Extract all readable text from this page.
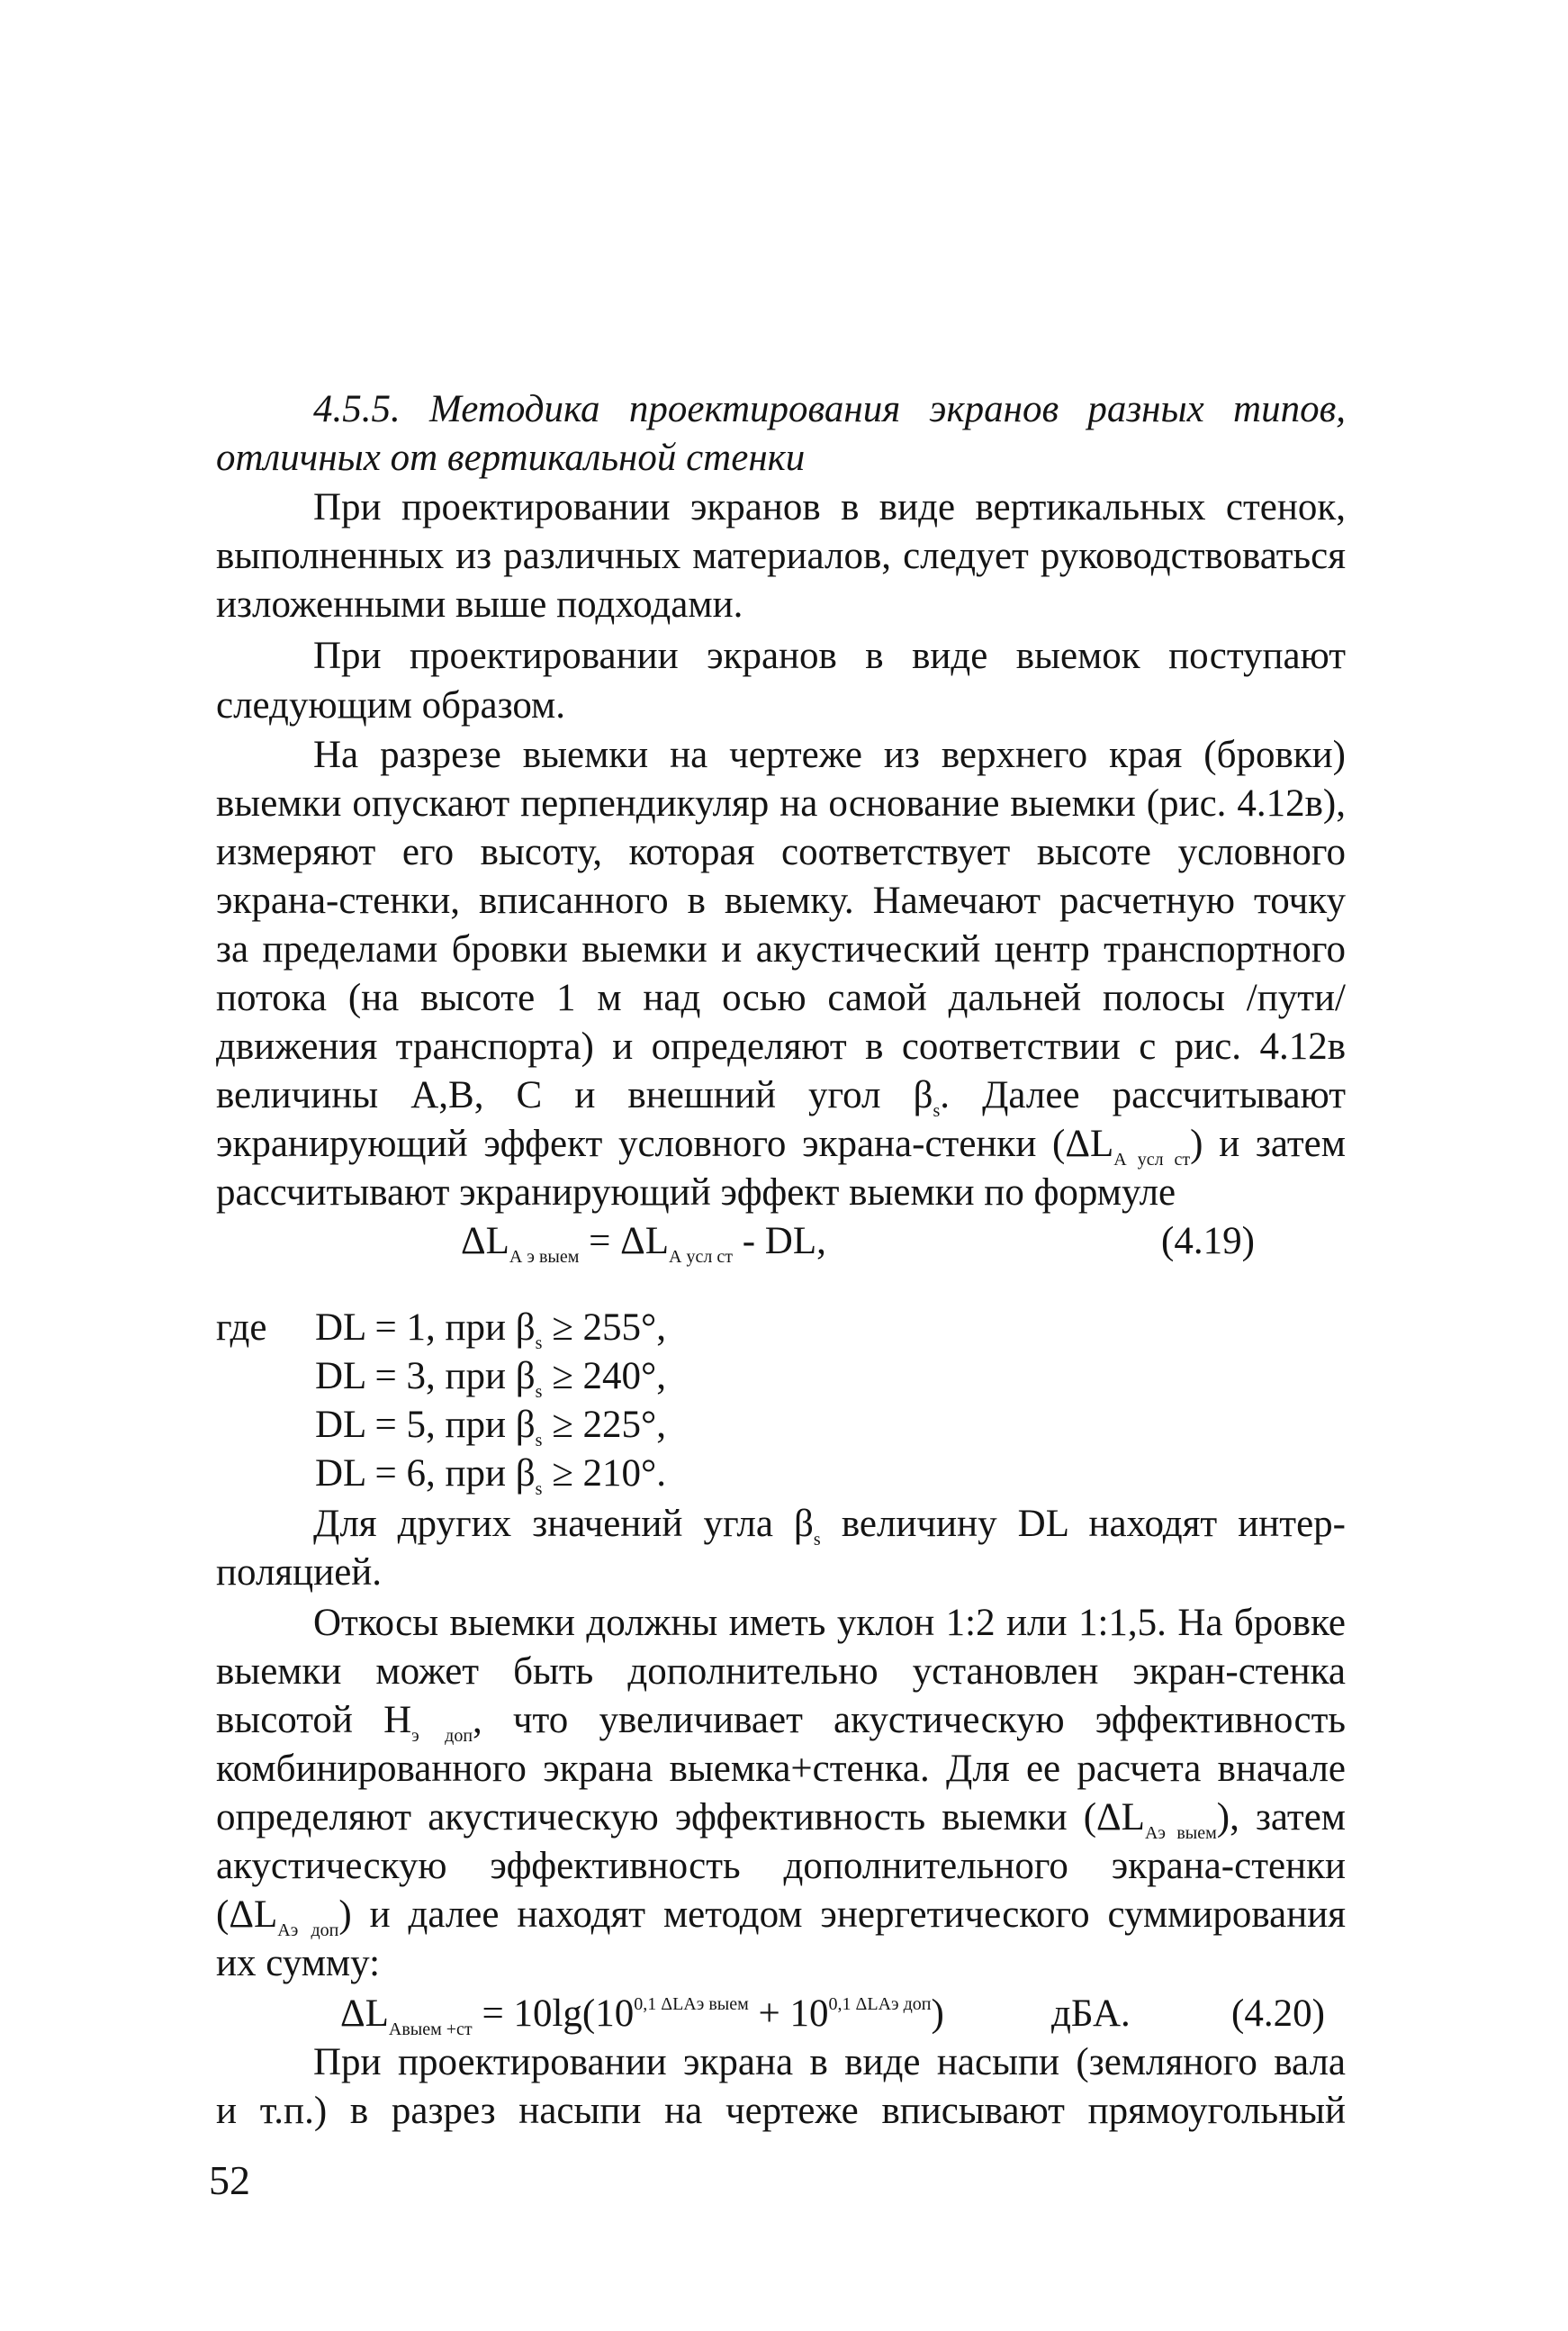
4.5.5. Методика проектирования экранов разных типов,
отличных от вертикальной стенки
При проектировании экранов в виде вертикальных стенок,
выполненных из различных материалов, следует руководствоваться
изложенными выше подходами.
При проектировании экранов в виде выемок поступают
следующим образом.
На разрезе выемки на чертеже из верхнего края (бровки)
выемки опускают перпендикуляр на основание выемки (рис. 4.12в),
измеряют его высоту, которая соответствует высоте условного
экрана-стенки, вписанного в выемку. Намечают расчетную точку
за пределами бровки выемки и акустический центр транспортного
потока (на высоте 1 м над осью самой дальней полосы /пути/
движения транспорта) и определяют в соответствии с рис. 4.12в
величины А,В, С и внешний угол $\beta_s$. Далее рассчитывают
экранирующий эффект условного экрана-стенки $(\Delta L_{А усл ст})$ и затем
рассчитывают экранирующий эффект выемки по формуле
$\Delta L_{А э выем} = \Delta L_{А усл ст}$ - DL,	(4.19)
где DL = 1, при $\beta_s \ge 255^\circ$,
DL = 3, при $\beta_s \ge 240^\circ$,
DL = 5, при $\beta_s \ge 225^\circ$,
DL = 6, при $\beta_s \ge 210^\circ$.
Для других значений угла $\beta_s$ величину DL находят интер-
поляцией.
Откосы выемки должны иметь уклон 1:2 или 1:1,5. На бровке
выемки может быть дополнительно установлен экран-стенка
высотой $H_{э доп}$, что увеличивает акустическую эффективность
комбинированного экрана выемка+стенка. Для ее расчета вначале
определяют акустическую эффективность выемки $(\Delta L_{Аэ выем})$, затем
акустическую эффективность дополнительного экрана-стенки
$(\Delta L_{Аэ доп})$ и далее находят методом энергетического суммирования
их сумму:
$\Delta L_{Авыем +ст} = 10\lg(10^{0,1 \Delta LАэ выем} + 10^{0,1 \Delta LАэ доп})$	дБА.	(4.20)
При проектировании экрана в виде насыпи (земляного вала
и т.п.) в разрез насыпи на чертеже вписывают прямоугольный
52
